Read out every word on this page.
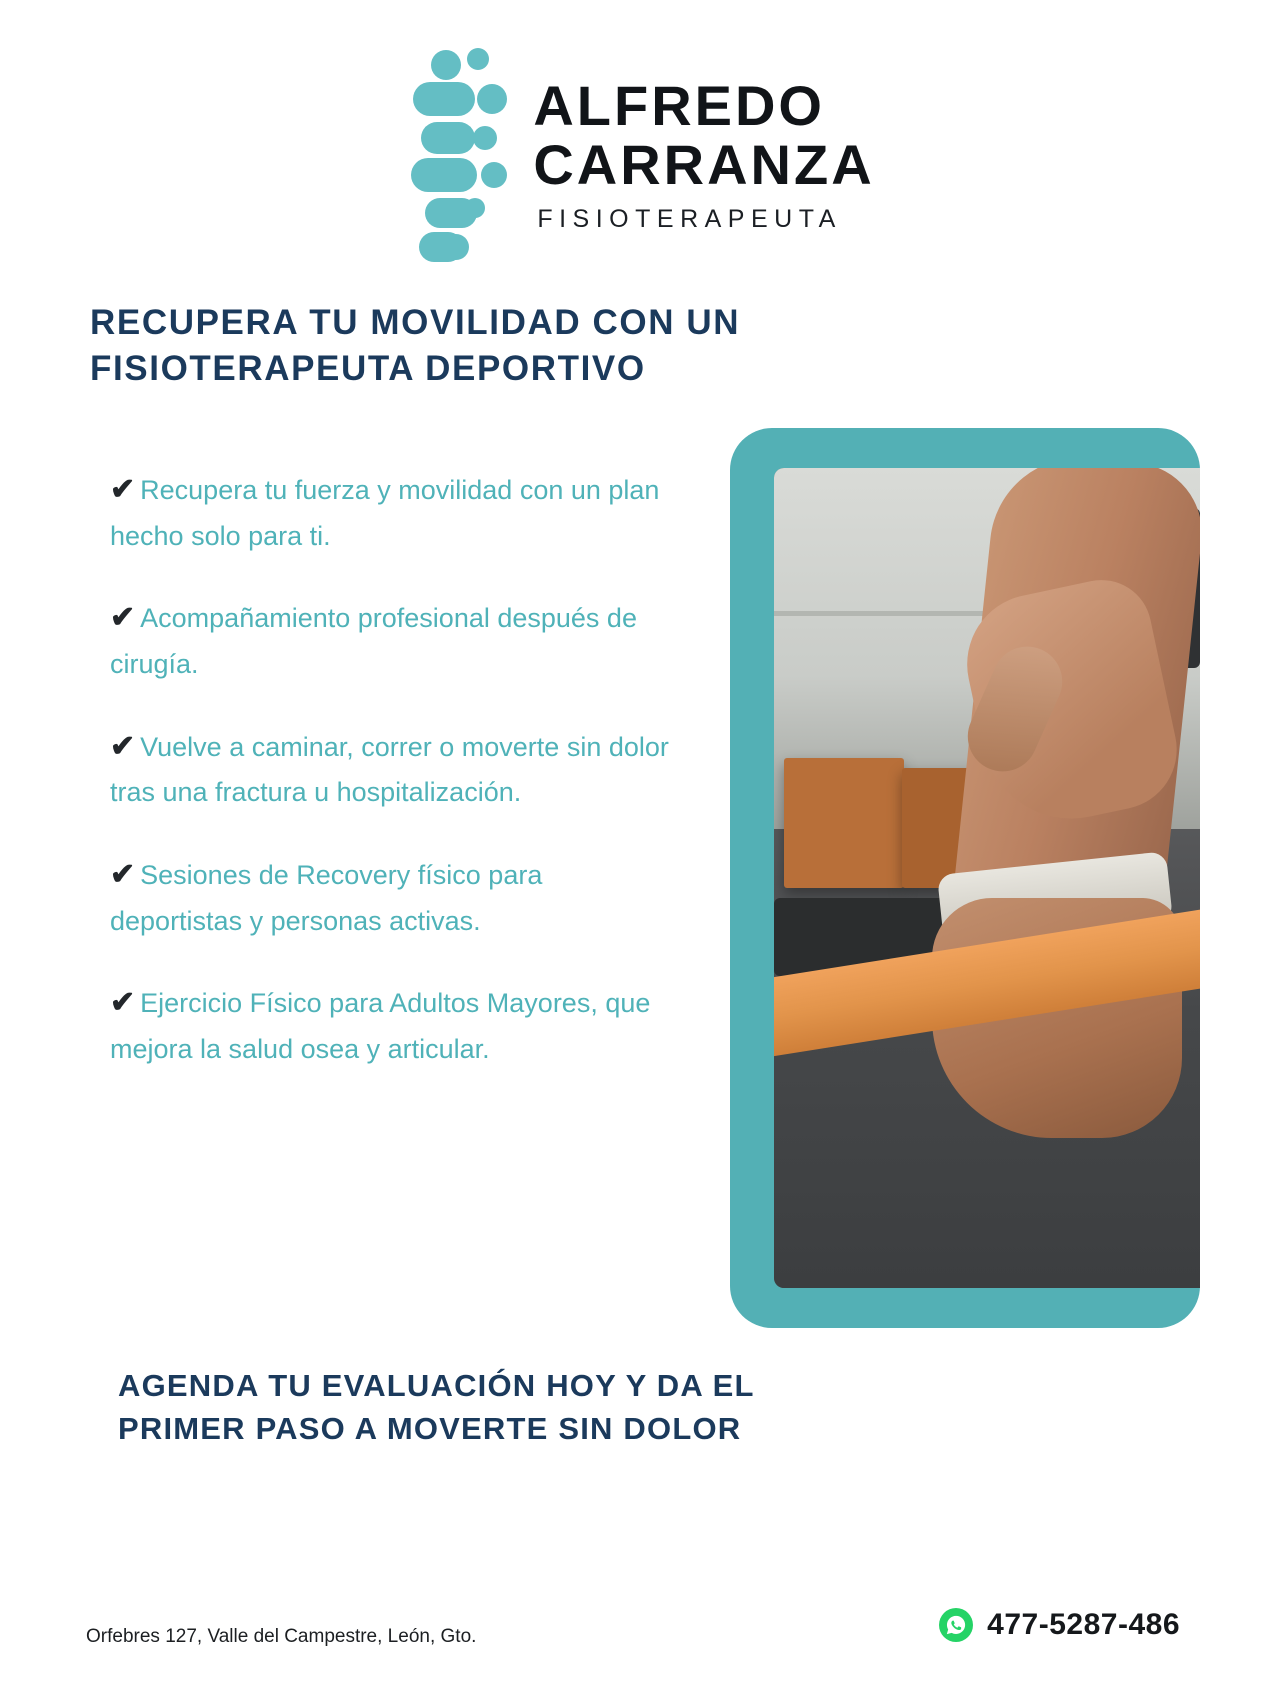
ALFREDO
CARRANZA
FISIOTERAPEUTA
RECUPERA TU MOVILIDAD CON UN FISIOTERAPEUTA DEPORTIVO

✔ Recupera tu fuerza y movilidad con un plan hecho solo para ti.

✔ Acompañamiento profesional después de cirugía.

✔ Vuelve a caminar, correr o moverte sin dolor tras una fractura u hospitalización.

✔ Sesiones de Recovery físico para deportistas y personas activas.

✔ Ejercicio Físico para Adultos Mayores, que mejora la salud osea y articular.

AGENDA TU EVALUACIÓN HOY Y DA EL PRIMER PASO A MOVERTE SIN DOLOR
Orfebres 127, Valle del Campestre, León, Gto.	477-5287-486
